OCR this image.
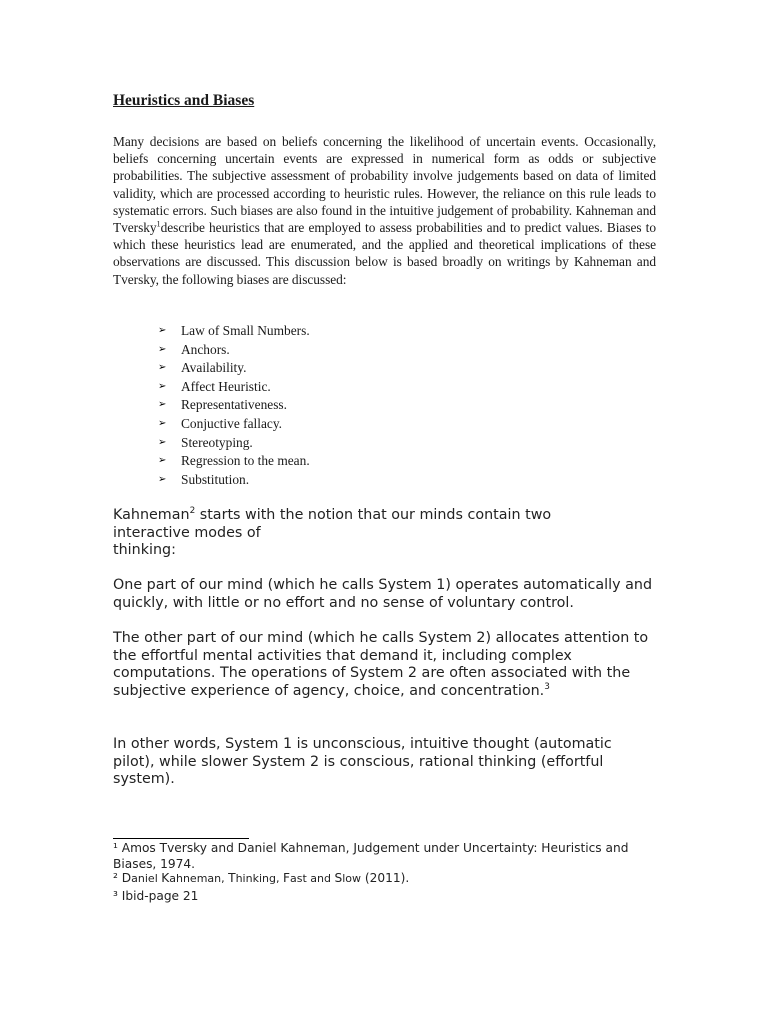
Heuristics and Biases

Many decisions are based on beliefs concerning the likelihood of uncertain events. Occasionally, beliefs concerning uncertain events are expressed in numerical form as odds or subjective probabilities. The subjective assessment of probability involve judgements based on data of limited validity, which are processed according to heuristic rules. However, the reliance on this rule leads to systematic errors. Such biases are also found in the intuitive judgement of probability. Kahneman and Tversky$^1$describe heuristics that are employed to assess probabilities and to predict values. Biases to which these heuristics lead are enumerated, and the applied and theoretical implications of these observations are discussed. This discussion below is based broadly on writings by Kahneman and Tversky, the following biases are discussed:

➢	Law of Small Numbers.
➢	Anchors.
➢	Availability.
➢	Affect Heuristic.
➢	Representativeness.
➢	Conjuctive fallacy.
➢	Stereotyping.
➢	Regression to the mean.
➢	Substitution.

Kahneman$^2$ starts with the notion that our minds contain two
interactive modes of
thinking:

One part of our mind (which he calls System 1) operates automatically and quickly, with little or no effort and no sense of voluntary control.

The other part of our mind (which he calls System 2) allocates attention to the effortful mental activities that demand it, including complex computations. The operations of System 2 are often associated with the subjective experience of agency, choice, and concentration.$^3$

In other words, System 1 is unconscious, intuitive thought (automatic pilot), while slower System 2 is conscious, rational thinking (effortful system).

¹ Amos Tversky and Daniel Kahneman, Judgement under Uncertainty: Heuristics and Biases, 1974.

² Daniel Kahneman, Thinking, Fast and Slow (2011).

³ Ibid-page 21
